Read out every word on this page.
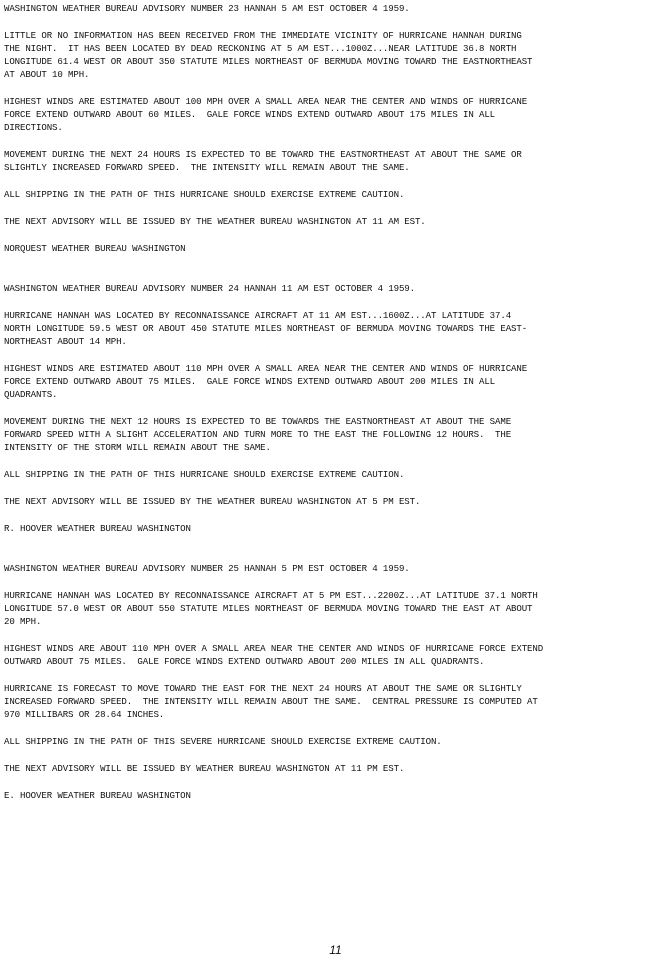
WASHINGTON WEATHER BUREAU ADVISORY NUMBER 23 HANNAH 5 AM EST OCTOBER 4 1959.

LITTLE OR NO INFORMATION HAS BEEN RECEIVED FROM THE IMMEDIATE VICINITY OF HURRICANE HANNAH DURING
THE NIGHT.  IT HAS BEEN LOCATED BY DEAD RECKONING AT 5 AM EST...1000Z...NEAR LATITUDE 36.8 NORTH
LONGITUDE 61.4 WEST OR ABOUT 350 STATUTE MILES NORTHEAST OF BERMUDA MOVING TOWARD THE EASTNORTHEAST
AT ABOUT 10 MPH.

HIGHEST WINDS ARE ESTIMATED ABOUT 100 MPH OVER A SMALL AREA NEAR THE CENTER AND WINDS OF HURRICANE
FORCE EXTEND OUTWARD ABOUT 60 MILES.  GALE FORCE WINDS EXTEND OUTWARD ABOUT 175 MILES IN ALL
DIRECTIONS.

MOVEMENT DURING THE NEXT 24 HOURS IS EXPECTED TO BE TOWARD THE EASTNORTHEAST AT ABOUT THE SAME OR
SLIGHTLY INCREASED FORWARD SPEED.  THE INTENSITY WILL REMAIN ABOUT THE SAME.

ALL SHIPPING IN THE PATH OF THIS HURRICANE SHOULD EXERCISE EXTREME CAUTION.

THE NEXT ADVISORY WILL BE ISSUED BY THE WEATHER BUREAU WASHINGTON AT 11 AM EST.

NORQUEST WEATHER BUREAU WASHINGTON

WASHINGTON WEATHER BUREAU ADVISORY NUMBER 24 HANNAH 11 AM EST OCTOBER 4 1959.

HURRICANE HANNAH WAS LOCATED BY RECONNAISSANCE AIRCRAFT AT 11 AM EST...1600Z...AT LATITUDE 37.4
NORTH LONGITUDE 59.5 WEST OR ABOUT 450 STATUTE MILES NORTHEAST OF BERMUDA MOVING TOWARDS THE EAST-
NORTHEAST ABOUT 14 MPH.

HIGHEST WINDS ARE ESTIMATED ABOUT 110 MPH OVER A SMALL AREA NEAR THE CENTER AND WINDS OF HURRICANE
FORCE EXTEND OUTWARD ABOUT 75 MILES.  GALE FORCE WINDS EXTEND OUTWARD ABOUT 200 MILES IN ALL
QUADRANTS.

MOVEMENT DURING THE NEXT 12 HOURS IS EXPECTED TO BE TOWARDS THE EASTNORTHEAST AT ABOUT THE SAME
FORWARD SPEED WITH A SLIGHT ACCELERATION AND TURN MORE TO THE EAST THE FOLLOWING 12 HOURS.  THE
INTENSITY OF THE STORM WILL REMAIN ABOUT THE SAME.

ALL SHIPPING IN THE PATH OF THIS HURRICANE SHOULD EXERCISE EXTREME CAUTION.

THE NEXT ADVISORY WILL BE ISSUED BY THE WEATHER BUREAU WASHINGTON AT 5 PM EST.

R. HOOVER WEATHER BUREAU WASHINGTON

WASHINGTON WEATHER BUREAU ADVISORY NUMBER 25 HANNAH 5 PM EST OCTOBER 4 1959.

HURRICANE HANNAH WAS LOCATED BY RECONNAISSANCE AIRCRAFT AT 5 PM EST...2200Z...AT LATITUDE 37.1 NORTH
LONGITUDE 57.0 WEST OR ABOUT 550 STATUTE MILES NORTHEAST OF BERMUDA MOVING TOWARD THE EAST AT ABOUT
20 MPH.

HIGHEST WINDS ARE ABOUT 110 MPH OVER A SMALL AREA NEAR THE CENTER AND WINDS OF HURRICANE FORCE EXTEND
OUTWARD ABOUT 75 MILES.  GALE FORCE WINDS EXTEND OUTWARD ABOUT 200 MILES IN ALL QUADRANTS.

HURRICANE IS FORECAST TO MOVE TOWARD THE EAST FOR THE NEXT 24 HOURS AT ABOUT THE SAME OR SLIGHTLY
INCREASED FORWARD SPEED.  THE INTENSITY WILL REMAIN ABOUT THE SAME.  CENTRAL PRESSURE IS COMPUTED AT
970 MILLIBARS OR 28.64 INCHES.

ALL SHIPPING IN THE PATH OF THIS SEVERE HURRICANE SHOULD EXERCISE EXTREME CAUTION.

THE NEXT ADVISORY WILL BE ISSUED BY WEATHER BUREAU WASHINGTON AT 11 PM EST.

E. HOOVER WEATHER BUREAU WASHINGTON

11
